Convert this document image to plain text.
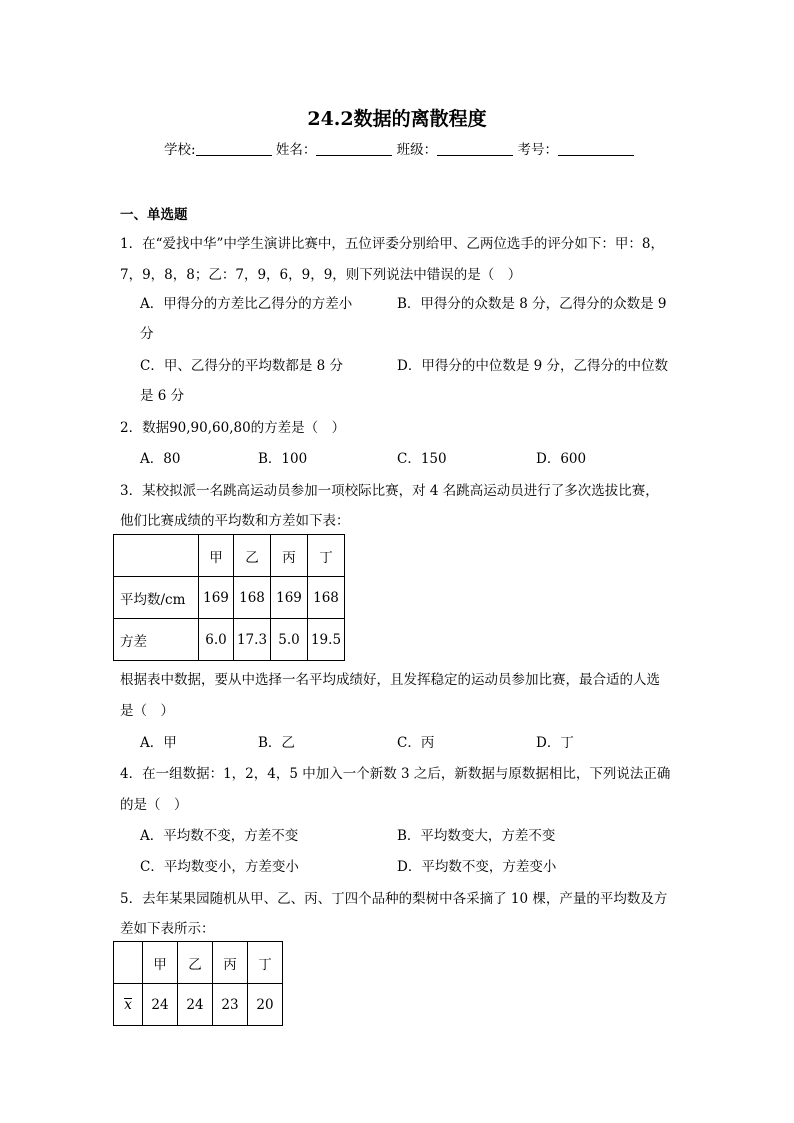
24.2数据的离散程度
学校:	姓名：	班级：	考号：
一、单选题
1．在“爱找中华”中学生演讲比赛中，五位评委分别给甲、乙两位选手的评分如下：甲：8，
7，9，8，8；乙：7，9，6，9，9，则下列说法中错误的是（　）
A．甲得分的方差比乙得分的方差小	B．甲得分的众数是 8 分，乙得分的众数是 9
分
C．甲、乙得分的平均数都是 8 分	D．甲得分的中位数是 9 分，乙得分的中位数
是 6 分
2．数据90,90,60,80的方差是（　）
A．80	B．100	C．150	D．600
3．某校拟派一名跳高运动员参加一项校际比赛，对 4 名跳高运动员进行了多次选拔比赛，
他们比赛成绩的平均数和方差如下表：
	甲	乙	丙	丁
平均数/cm	169	168	169	168
方差	6.0	17.3	5.0	19.5
根据表中数据，要从中选择一名平均成绩好，且发挥稳定的运动员参加比赛，最合适的人选
是（　）
A．甲	B．乙	C．丙	D．丁
4．在一组数据：1，2，4，5 中加入一个新数 3 之后，新数据与原数据相比，下列说法正确
的是（　）
A．平均数不变，方差不变	B．平均数变大，方差不变
C．平均数变小，方差变小	D．平均数不变，方差变小
5．去年某果园随机从甲、乙、丙、丁四个品种的梨树中各采摘了 10 棵，产量的平均数及方
差如下表所示：
	甲	乙	丙	丁
x	24	24	23	20
